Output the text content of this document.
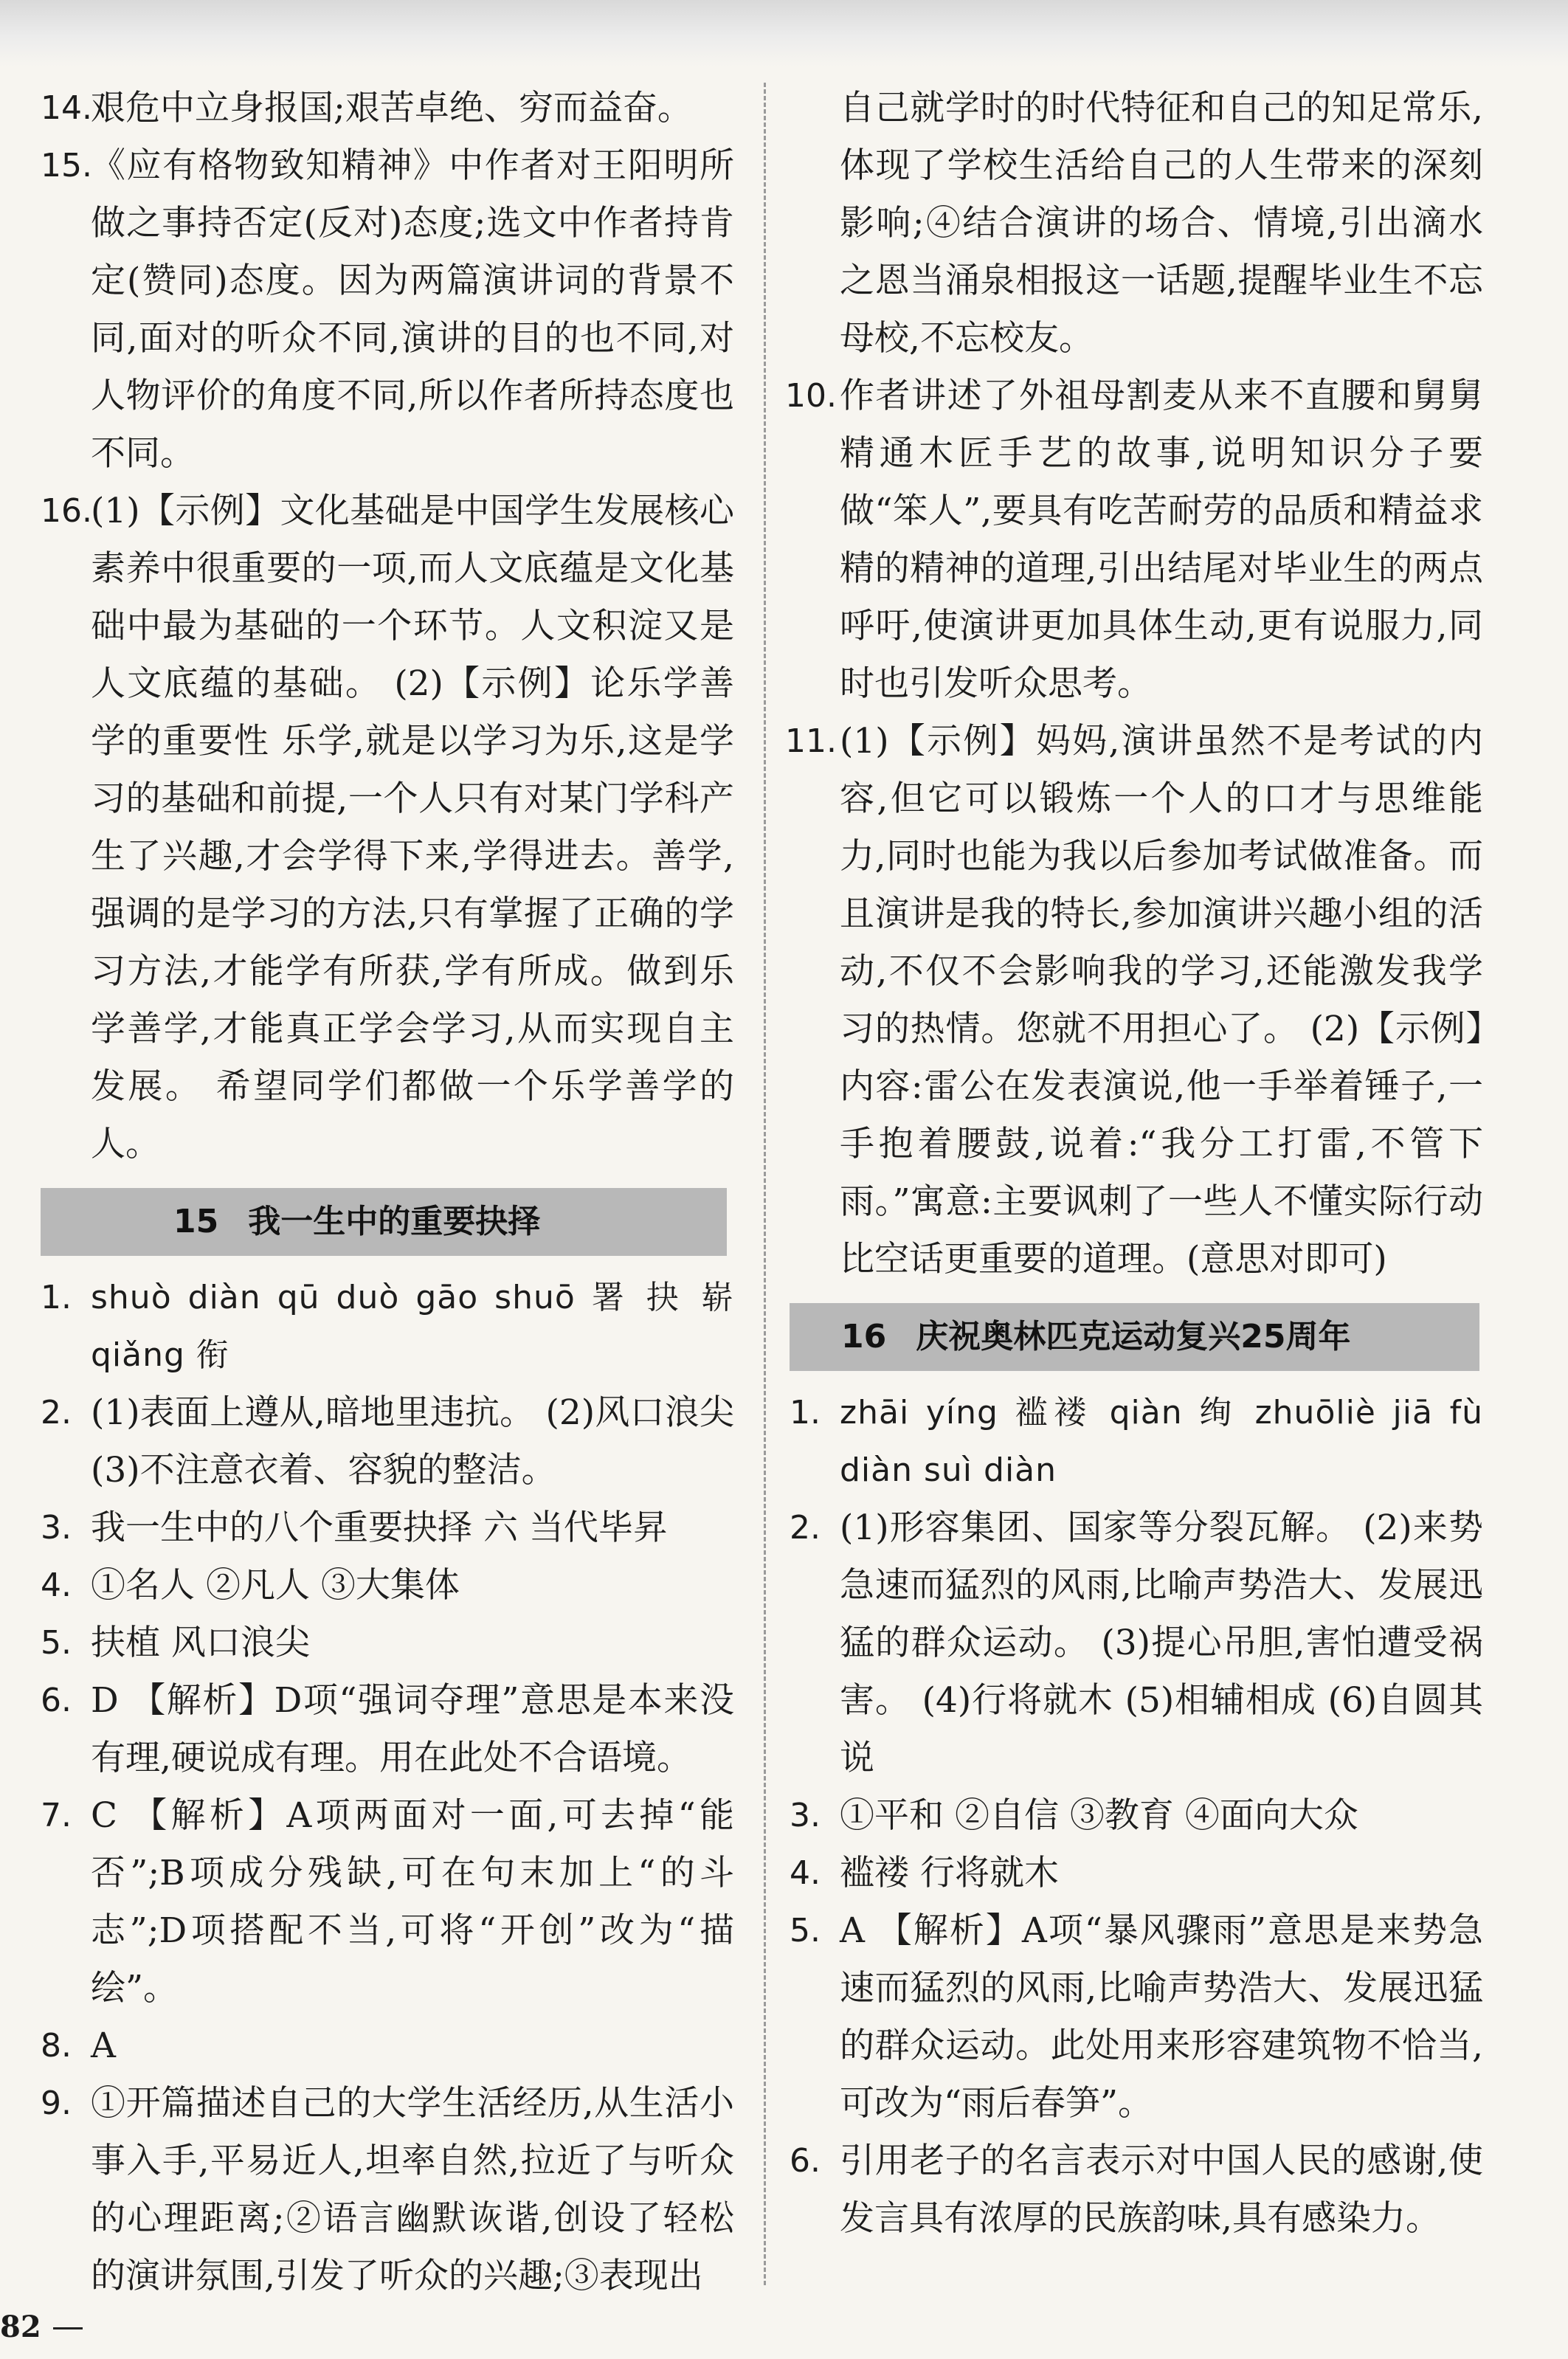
14.

艰危中立身报国;艰苦卓绝、穷而益奋。

15.

《应有格物致知精神》中作者对王阳明所做之事持否定(反对)态度;选文中作者持肯定(赞同)态度。因为两篇演讲词的背景不同,面对的听众不同,演讲的目的也不同,对人物评价的角度不同,所以作者所持态度也不同。

16.

(1)【示例】文化基础是中国学生发展核心素养中很重要的一项,而人文底蕴是文化基础中最为基础的一个环节。人文积淀又是人文底蕴的基础。 (2)【示例】论乐学善学的重要性 乐学,就是以学习为乐,这是学习的基础和前提,一个人只有对某门学科产生了兴趣,才会学得下来,学得进去。善学,强调的是学习的方法,只有掌握了正确的学习方法,才能学有所获,学有所成。做到乐学善学,才能真正学会学习,从而实现自主发展。 希望同学们都做一个乐学善学的人。

15 我一生中的重要抉择
1. shuò diàn qū duò gāo shuō 署 抉 崭 qiǎng 衔

2. (1)表面上遵从,暗地里违抗。 (2)风口浪尖 (3)不注意衣着、容貌的整洁。

3. 我一生中的八个重要抉择 六 当代毕昇

4. ①名人 ②凡人 ③大集体

5. 扶植 风口浪尖

6. D 【解析】D项“强词夺理”意思是本来没有理,硬说成有理。用在此处不合语境。

7. C 【解析】A项两面对一面,可去掉“能否”;B项成分残缺,可在句末加上“的斗志”;D项搭配不当,可将“开创”改为“描绘”。

8. A

9. ①开篇描述自己的大学生活经历,从生活小事入手,平易近人,坦率自然,拉近了与听众的心理距离;②语言幽默诙谐,创设了轻松的演讲氛围,引发了听众的兴趣;③表现出

自己就学时的时代特征和自己的知足常乐,体现了学校生活给自己的人生带来的深刻影响;④结合演讲的场合、情境,引出滴水之恩当涌泉相报这一话题,提醒毕业生不忘母校,不忘校友。

10. 作者讲述了外祖母割麦从来不直腰和舅舅精通木匠手艺的故事,说明知识分子要做“笨人”,要具有吃苦耐劳的品质和精益求精的精神的道理,引出结尾对毕业生的两点呼吁,使演讲更加具体生动,更有说服力,同时也引发听众思考。

11. (1)【示例】妈妈,演讲虽然不是考试的内容,但它可以锻炼一个人的口才与思维能力,同时也能为我以后参加考试做准备。而且演讲是我的特长,参加演讲兴趣小组的活动,不仅不会影响我的学习,还能激发我学习的热情。您就不用担心了。 (2)【示例】内容:雷公在发表演说,他一手举着锤子,一手抱着腰鼓,说着:“我分工打雷,不管下雨。”寓意:主要讽刺了一些人不懂实际行动比空话更重要的道理。(意思对即可)

16 庆祝奥林匹克运动复兴25周年
1. zhāi yíng 褴褛 qiàn 绚 zhuōliè jiā fù diàn suì diàn

2. (1)形容集团、国家等分裂瓦解。 (2)来势急速而猛烈的风雨,比喻声势浩大、发展迅猛的群众运动。 (3)提心吊胆,害怕遭受祸害。 (4)行将就木 (5)相辅相成 (6)自圆其说

3. ①平和 ②自信 ③教育 ④面向大众

4. 褴褛 行将就木

5. A 【解析】A项“暴风骤雨”意思是来势急速而猛烈的风雨,比喻声势浩大、发展迅猛的群众运动。此处用来形容建筑物不恰当,可改为“雨后春笋”。

6. 引用老子的名言表示对中国人民的感谢,使发言具有浓厚的民族韵味,具有感染力。

82
